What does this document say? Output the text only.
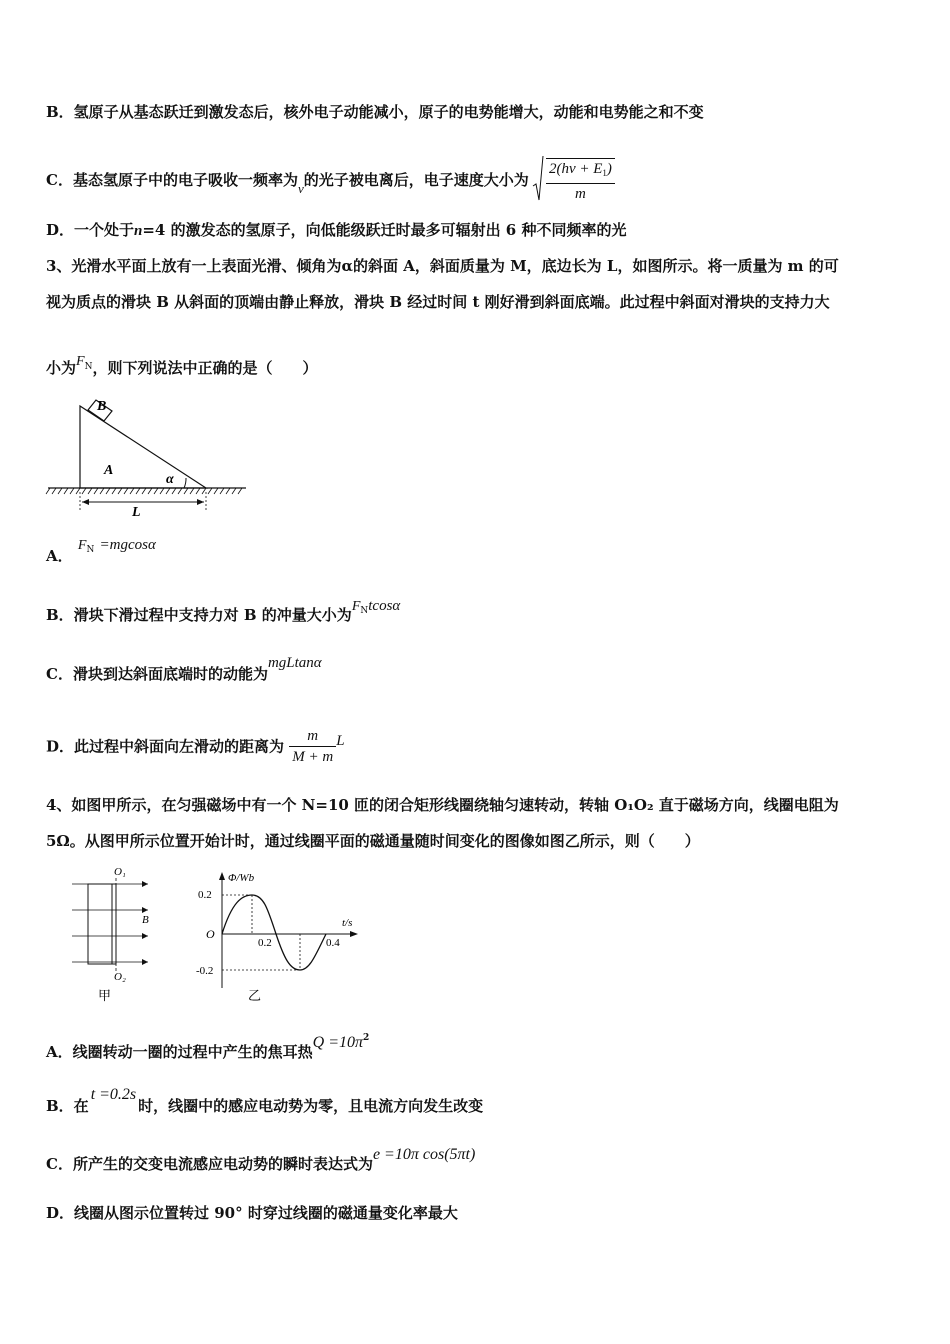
B．氢原子从基态跃迁到激发态后，核外电子动能减小，原子的电势能增大，动能和电势能之和不变
C．基态氢原子中的电子吸收一频率为ν的光子被电离后，电子速度大小为 $\frac{2(h\nu + E_1)}{m}$
D．一个处于n=4 的激发态的氢原子，向低能级跃迁时最多可辐射出 6 种不同频率的光
3、光滑水平面上放有一上表面光滑、倾角为α的斜面 A，斜面质量为 M，底边长为 L，如图所示。将一质量为 m 的可
视为质点的滑块 B 从斜面的顶端由静止释放，滑块 B 经过时间 t 刚好滑到斜面底端。此过程中斜面对滑块的支持力大
小为$F^N$，则下列说法中正确的是（　　）
B
A
α
L
A． $F_N =mgcos\alpha$
B．滑块下滑过程中支持力对 B 的冲量大小为$F_Ntcos\alpha$
C．滑块到达斜面底端时的动能为mgLtanα
D．此过程中斜面向左滑动的距离为 $\frac{m}{M + m}$ L
4、如图甲所示，在匀强磁场中有一个 N=10 匝的闭合矩形线圈绕轴匀速转动，转轴 O₁O₂ 直于磁场方向，线圈电阻为
5Ω。从图甲所示位置开始计时，通过线圈平面的磁通量随时间变化的图像如图乙所示，则（　　）
O₁
B
O₂
甲
Φ/Wb
t/s
O
0.2
-0.2
0.2	0.4
乙
A．线圈转动一圈的过程中产生的焦耳热$Q =10\pi^2$
B．在t =0.2s时，线圈中的感应电动势为零，且电流方向发生改变
C．所产生的交变电流感应电动势的瞬时表达式为e =10π cos(5πt)
D．线圈从图示位置转过 90° 时穿过线圈的磁通量变化率最大
